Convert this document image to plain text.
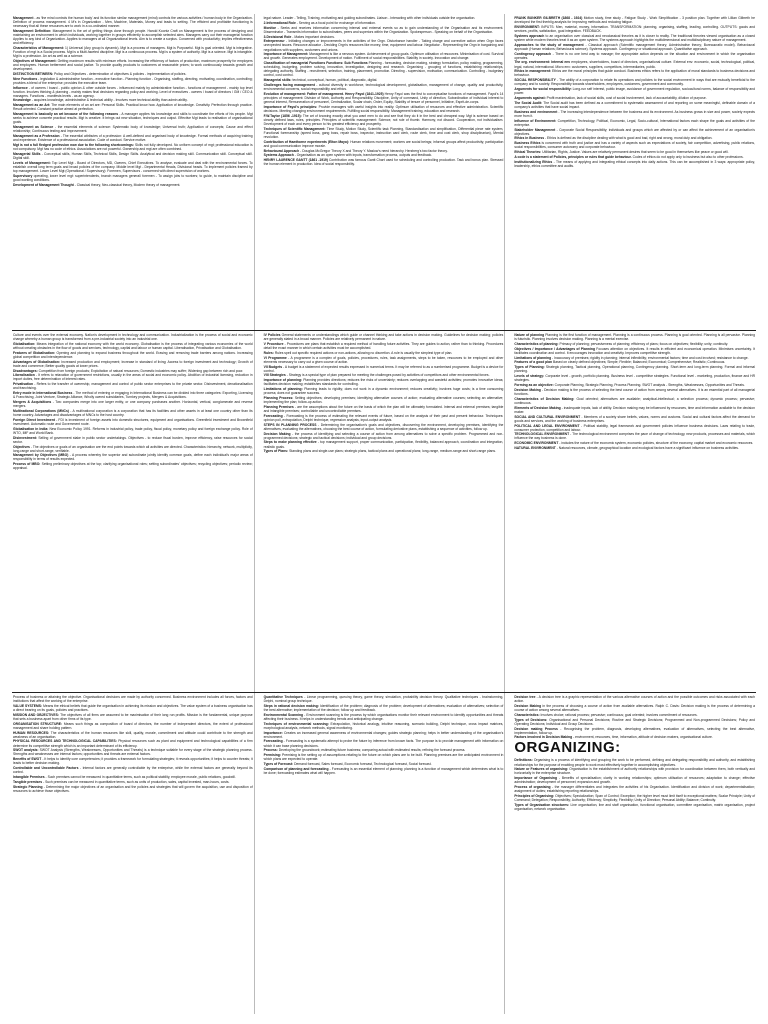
Management - as 'the mind controls the human body' and its function similar management (mind) controls the various activities / human body in the Organization. Definition of process management. 4 M's in Organization - Men, Machine, Materials, Money and leads to setting. The efficient and profitable functioning is necessary that all these resources are to work in a co-ordinated manner.

Management Definition: Management is the art of getting things done through people. Harold Koontz Craft on Management is the process of designing and maintaining an environment in which individuals, working together in groups efficiently to accomplish selected aims. Managers carry out their managerial function Applies to any kind of Organization. Applies to managers at all Organizational levels. Aim is to create a surplus. Concerned with productivity; implies effectiveness and efficiency.

Characteristics of Management: 1) Universal (Any group is dynamic). Mgt is a process of managers. Mgt is Purposeful. Mgt is goal oriented. Mgt is integrative. Function of mgt is a Social process. Mgt is a Multi-faceted discipline. Mgt is a continuous process. Mgt is a system of authority. Mgt is a science. Mgt is intangible. Mgt is a profession. An art as well as a science.

Objectives of Management: Getting maximum results with minimum efforts. Increasing the efficiency of factors of production, maximum prosperity for employers and employees. Human betterment and social justice. To provide quality products to customers at reasonable prices; to work continuously towards growth and development.

DISTINCTION BETWEEN: Policy and Objectives - determination of objectives & policies - implementation of policies.

Nine Functions - legislation & administrative function - executive function - Planning function - Organising, staffing, directing, motivating, coordination, controlling; provides a blend of the enterprise; provides the executive team.

Influence - of owners / board - public opinion & other outside forces - influenced mainly by administrative function - functions of management - mainly top level function. Involves thinking & planning - mainly makes final decisions regarding policy and working. Level of executives - owners / board of directors / GM / CEO & managers. Functions - manifests levels - as an agency.

Knowledge - acquires knowledge, administrative & technical ability - Involves more technical ability than admin ability.

Management as an Art: The main elements of an art are: Personal Skills. Practical know how. Application of knowledge. Creativity. Perfection through practice. Result oriented. Constant practice aimed at perfection.

Management is basically an art because of the following reasons - A manager applies his knowledge and skills to coordinate the efforts of his people. Mgt seeks to achieve concrete practical results. Mgt is creative. It brings out new situation, techniques and output. Effective Mgt leads to realisation of organisational goals.

Management as Science - the essential elements of science: Systematic body of knowledge; Universal truth; Application of concepts; Cause and effect relationship; Continuous testing and improvement.

Management as a Profession - The essential attributes of a profession: A well-defined and organised body of knowledge. Formal methods of acquiring training and experience. Existence of a professional association. Code of conduct. Service motive.

Mgt is not a full fledged profession now due to the following shortcomings: Skills not fully developed. No uniform concept of mgt; professional education is not compulsory. Mgt has no code of ethics. Associations are not powerful. Ownership and mgt are often combined.

Managerial Skills - Conceptual skills, Human Skills, Technical Skills, Design Skills. Analytical and decision making skill. Communication skill. Conceptual skill. Digital skill.

Levels of Management: Top Level Mgt - Board of Directors, MD, Owners, Chief Executives. To analyse, evaluate and deal with the environmental forces. To establish overall long term goals and broad policies of the company. Middle level Mgt - Departmental Heads, Divisional heads. To implement policies framed by top management. Lower Level Mgt (Operational / Supervisory): Foremen, Supervisors - concerned with direct supervision of workers.

Supervisory operating, lower level mgt: superintendents, branch managers general/ foremen - To assign jobs to workers; to guide, to maintain discipline and good working conditions.

Development of Management Thought - Classical theory, Neo-classical theory, Modern theory of management.

legal nature. Leader - Telling, Training, motivating and guiding subordinates. Liaison - Interacting with other individuals outside the organisation.

2.Informational Role - Serving as a focal point for exchange of information.

Monitor - Seeks and receives information concerning internal and external events so as to gain understanding of the Organisation and its environment. Disseminator - Transmits information to subordinates, peers and superiors within the Organization. Spokesperson - Speaking on behalf of the Organisation.

3.Decisional Role - Makes important decisions.

Entrepreneur - Initiating changes or improvements in the activities of the Orgn. Disturbance handler - Taking charge and corrective action when Orgn faces unexpected issues. Resource allocator - Deciding Orgn's resources like money, time, equipment and labour. Negotiator - Representing the Orgn in bargaining and negotiations with suppliers, customers and unions.

Importance of Management: Management is like a nervous system. Achievement of group goals. Optimum utilisation of resources. Minimisation of cost. Survival and growth. Generates employment. Development of nation. Fulfilment of social responsibilities. Stability in society. Innovation and change.

Classification of managerial Functions Functions: Sub Functions Planning - forecasting, decision making, strategy formulation, policy making, programming, scheduling, budgeting, problem solving, innovation, investigation, designing and research. Organising - grouping of functions, establishing relationships, delegating authority. Staffing - recruitment, selection, training, placement, promotion. Directing - supervision, motivation, communication. Controlling - budgetary control, cost control.

Managerial skills: technical, conceptual, human, political, diagnostic, digital.

Challenges facing management - cultural diversity in workforce, technological development, globalisation, management of change, quality and productivity, environmental concerns, social responsibility and ethics.

Evolution of management: Father of management. Henry Fayol (1841-1925) Henry Fayol was the first to conceptualise functions of management. Fayol's 14 principles of management: Division of Work, Authority and Responsibility, Discipline, Unity of command, Unity of direction, Subordination of individual interest to general interest, Remuneration of personnel, Centralization, Scalar chain, Order, Equity, Stability of tenure of personnel, Initiative, Esprit-de-corps.

Importance of Fayol's principles: Provide managers with useful insights into reality. Optimum utilisation of resources and effective administration. Scientific decisions. Meeting changing environment requirements. Fulfilling social responsibility. Management training, education and research.

F.W.Taylor (1856 -1915): The art of knowing exactly what you want men to do and see that they do it in the best and cheapest way. Mgt is science based on clearly defined laws, rules, principles. Principles of scientific management: Science, not rule of thumb. Harmony, not discord. Cooperation, not individualism. Development of each and every person to his greatest efficiency and prosperity.

Techniques of Scientific Management: Time Study, Motion Study, Scientific task Planning, Standardisation and simplification, Differential piece rate system, Functional foremanship (speed boss, gang boss, repair boss, inspector, instruction card clerk, route clerk, time and cost clerk, shop disciplinarian), Mental revolution.

Contribution of Hawthorne experiments (Elton Mayo): Human relations movement; workers are social beings; informal groups affect productivity; participation and good communication improve morale.

Behavioural Approach - Douglas McGregor Theory X and Theory Y. Maslow's need hierarchy. Herzberg's two factor theory.

Systems Approach - Organisation as an open system with inputs, transformation process, outputs and feedback.

HENRY LAURENCE GANTT (1861 -1919) Contribution was famous Gantt Chart used for scheduling and controlling production. Task and bonus plan. Stressed the human element in production. Idea of social responsibility.

FRANK BUNKER GILBRETH (1868 - 1924) Motion study, time study - Fatigue Study - Work Simplification - 3 position plan. Together with Lillian Gilbreth he developed the first therblig analysis for improving methods and reducing fatigue.

ENVIRONMENT: INPUTS: Men, material, money, information. TRANSFORMATION: planning, organising, staffing, leading, controlling. OUTPUTS: goods and services, profits, satisfaction, goal integration. FEEDBACK.

Systems approach to an organisation over classical and neoclassical theories as it is closer to reality. The traditional theories viewed organisation as a closed system while modern theories treat it as an open system. The systems approach highlights the multidimensional and multidisciplinary nature of management.

Approaches to the study of management - Classical approach (Scientific management theory; Administrative theory; Bureaucratic model). Behavioural approach (Human relations; Behavioural science). Systems approach. Contingency or situational approach. Quantitative approach.

Contingency approach - There is no one best way to manage; the appropriate action depends on the situation and environment in which the organisation operates.

The org. environment: Internal env employees, shareholders, board of directors, organisational culture. External env: economic, social, technological, political, legal, natural, international. Micro env: customers, suppliers, competitors, intermediaries, public.

Ethics in management: Ethics are the moral principles that guide conduct. Business ethics refers to the application of moral standards to business decisions and behaviour.

SOCIAL RESPONSIBILITY - The ability of a corporation to relate its operations and policies to the social environment in ways that are mutually beneficial to the company and to society. Responsibility towards shareholders, employees, customers, government and community.

Arguments for social responsibility: Long-run self interest, public image, avoidance of government regulation, sociocultural norms, balance of responsibility and power.

Arguments against: Profit maximisation, lack of social skills, cost of social involvement, lack of accountability, dilution of purpose.

The Social Audit: The Social audit has been defined as a commitment to systematic assessment of and reporting on some meaningful, definable domain of a company's activities that have social impact.

Business and environment - The increasing interdependence between the business and its environment. As business grows in size and power, society expects more from it.

Influence of Environment: Competition, Technology, Political, Economic, Legal, Socio-cultural, International factors each shape the goals and activities of the enterprise.

Stakeholder Management - Corporate Social Responsibility; individuals and groups which are affected by or can affect the achievement of an organisation's objectives.

Ethics in Business - Ethics is defined as the discipline dealing with what is good and bad, right and wrong, moral duty and obligation.

Business Ethics is concerned with truth and justice and has a variety of aspects such as expectations of society, fair competition, advertising, public relations, social responsibilities, consumer autonomy and corporate behaviour.

Ethical Theories: Utilitarian, Rights, Justice. Values are relatively permanent desires that seem to be good in themselves like peace or good will.

A code is a statement of Policies, principles or rules that guide behaviour. Codes of ethics do not apply only to business but also to other professions.

Institutionalizing Ethics - The means of applying and integrating ethical concepts into daily actions. This can be accomplished in 3 ways: appropriate policy, leadership, ethics committee and audits.

Culture and events over the external economy. Nation's development in technology and communication. Industrialization is the process of social and economic change whereby a human group is transformed from a pre-industrial society into an industrial one.

Globalisation: Means integration of the national economy with the world economy. Globalisation is the process of integrating various economies of the world without creating obstacles in the flow of goods and services, technology, capital and labour or human capital. Liberalisation, Privatisation and Globalisation.

Features of Globalisation: Opening and planning to expand business throughout the world. Erasing and removing trade barriers among nations. Increasing global competition and interdependence.

Advantages of Globalisation: Increased production and employment; Increase in standard of living; Access to foreign investment and technology; Growth of trade and commerce; Better quality goods at lower prices.

Disadvantages: Competition from foreign products; Exploitation of natural resources; Domestic industries may suffer; Widening gap between rich and poor.

Liberalisation - It refers to relaxation of government restrictions, usually in the areas of social and economic policy. Abolition of industrial licensing, reduction in import duties, free determination of interest rates.

Privatisation - Refers to the transfer of ownership, management and control of public sector enterprises to the private sector. Disinvestment, denationalisation and franchising.

Entry mode in International Business - The method of entering or engaging in International Business can be divided into three categories: Exporting, Licensing & Franchising, Joint Venture, Strategic Alliance, Wholly owned subsidiaries, Turnkey projects, Mergers & Acquisitions.

Mergers & Acquisitions - Two companies merge into one larger entity, or one company purchases another. Horizontal, vertical, conglomerate and reverse mergers.

Multinational Corporations (MNCs) - A multinational corporation is a corporation that has its facilities and other assets in at least one country other than its home country. Advantages and disadvantages of MNCs to the host country.

Foreign Direct Investment - FDI is investment of foreign assets into domestic structures, equipment and organisations. Greenfield investment and Brownfield investment. Automatic route and Government route.

Globalisation in India: New Economic Policy 1991. Reforms in industrial policy, trade policy, fiscal policy, monetary policy and foreign exchange policy. Role of WTO, IMF and World Bank.

Disinvestment: Selling of government stake in public sector undertakings. Objectives - to reduce fiscal burden, improve efficiency, raise resources for social sector.

Objectives - The objectives or goals of an organisation are the end points towards which all activities are directed. Characteristics: hierarchy, network, multiplicity, long-range and short-range, verifiable.

Management by Objectives (MBO) - A process whereby the superior and subordinate jointly identify common goals, define each individual's major areas of responsibility in terms of results expected.

Process of MBO: Setting preliminary objectives at the top; clarifying organisational roles; setting subordinates' objectives; recycling objectives; periodic review; appraisal.

IV Policies General statements or understandings which guide or channel thinking and take actions in decision making. Guidelines for decision making; policies are generally stated in a broad manner. Policies are relatively permanent in nature.

V Procedure - Procedures are plans that establish a required method of handling future activities. They are guides to action, rather than to thinking. Procedures detail the exact manner in which certain activities must be accomplished.

Rules: Rules spell out specific required actions or non-actions, allowing no discretion. A rule is usually the simplest type of plan.

VI Programme - A programme is a complex of goals, policies, procedures, rules, task assignments, steps to be taken, resources to be employed and other elements necessary to carry out a given course of action.

VII Budgets - A budget is a statement of expected results expressed in numerical terms. It may be referred to as a numberised programme. Budget is a device for control.

VIII Strategies - Strategy is a special type of plan prepared for meeting the challenges posed by activities of competitors and other environmental forces.

Importance of planning: Planning provides directions; reduces the risks of uncertainty; reduces overlapping and wasteful activities; promotes innovative ideas; facilitates decision making; establishes standards for controlling.

Limitations of planning: Planning leads to rigidity; does not work in a dynamic environment; reduces creativity; involves huge costs; is a time consuming process; does not guarantee success.

Planning Process: Setting objectives; developing premises; identifying alternative courses of action; evaluating alternative courses; selecting an alternative; implementing the plan; follow-up action.

Planning Premises - are the assumptions about the future on the basis of which the plan will be ultimately formulated. Internal and external premises; tangible and intangible premises; controllable and uncontrollable premises.

Forecasting - Forecasting is the process of estimating the relevant events of future, based on the analysis of their past and present behaviour. Techniques: opinion poll, extrapolation, Delphi technique, regression analysis, input-output analysis.

STEPS IN PLANNING PROCESS - Determining the organisation's goals and objectives, discovering the environment, developing premises, identifying the alternatives, evaluating the alternatives, choosing the best course of action, formulating derivative plans, establishing a sequence of activities, follow up.

Decision Making - the process of identifying and selecting a course of action from among alternatives to solve a specific problem. Programmed and non-programmed decisions; strategic and tactical decisions; individual and group decisions.

Steps to make planning effective - top management support, proper communication, participation, flexibility, balanced approach, coordination and integration, realistic goals.

Types of Plans: Standing plans and single-use plans; strategic plans, tactical plans and operational plans; long-range, medium-range and short-range plans.

Nature of planning Planning is the first function of management. Planning is a continuous process. Planning is goal oriented. Planning is all pervasive. Planning is futuristic. Planning involves decision making. Planning is a mental exercise.

Characteristics of planning: Primacy of planning; pervasiveness of planning; efficiency of plans; focus on objectives; flexibility; unity; continuity.

Objectives / Importance / Advantages of Planning Focuses attention on objectives. It results in efficient and economical operation. Minimises uncertainty. It facilitates coordination and control. It encourages innovation and creativity. Improves competitive strength.

Limitations of planning - Inaccuracy of premises; rigidity in planning; internal inflexibility; environmental factors; time and cost involved; resistance to change.

Features of a good plan Based on clearly defined objectives; Simple; Flexible; Balanced; Economical; Comprehensive; Realistic; Continuous.

Types of Planning: Strategic planning, Tactical planning, Operational planning, Contingency planning. Short-term and long-term planning. Formal and informal planning.

Levels of strategy: Corporate level - growth, portfolio planning. Business level - competitive strategies. Functional level - marketing, production, finance and HR strategies.

Forming as an objective: Corporate Planning, Strategic Planning, Process Planning. SWOT analysis - Strengths, Weaknesses, Opportunities and Threats.

Decision Making - Decision making is the process of selecting the best course of action from among several alternatives. It is an essential part of all managerial functions.

Characteristics of Decision Making: Goal oriented; alternatives are available; analytical-intellectual; a selection process; dynamic process; pervasive; continuous.

Elements of Decision Making - inadequate inputs, lack of ability. Decision making may be influenced by resources, time and information available to the decision maker.

SOCIAL AND CULTURAL ENVIRONMENT - Members of a society share beliefs, values, norms and customs. Social and cultural factors affect the demand for goods and services, and the working of business enterprises.

POLITICAL AND LEGAL ENVIRONMENT - Political stability, legal framework and government policies influence business decisions. Laws relating to trade, consumer protection, competition and labour.

TECHNOLOGICAL ENVIRONMENT - The technological environment comprises the pace of change of technology, new products, processes and materials, which influence the way business is done.

ECONOMIC ENVIRONMENT - includes the nature of the economic system, economic policies, structure of the economy, capital market and economic resources.

NATURAL ENVIRONMENT - Natural resources, climate, geographical location and ecological factors have a significant influence on business activities.

Process of business or attaining the objective. Organisational decisions are made by authority concerned. Business environment includes all forces, factors and institutions that affect the working of the enterprise.

VALUE SYSTEMS: Means the ethical beliefs that guide the organisation in achieving its mission and objectives. The value system of a business organisation has a direct bearing on its goals, policies and practices.

MISSION AND OBJECTIVES: The objectives of all firms are assumed to be maximisation of their long run profits. Mission is the fundamental, unique purpose that sets a business apart from other firms of its type.

ORGANISATION STRUCTURE: Means such things as composition of board of directors, the number of independent directors, the extent of professional management and share holding pattern.

HUMAN RESOURCES: The characteristics of the human resources like skill, quality, morale, commitment and attitude could contribute to the strength and weakness of an organisation.

PHYSICAL RESOURCES AND TECHNOLOGICAL CAPABILITIES: Physical resources such as plant and equipment and technological capabilities of a firm determine its competitive strength which is an important determinant of its efficiency.

SWOT analysis: SWOT Analysis (Strengths, Weaknesses, Opportunities and Threats) is a technique suitable for every stage of the strategic planning process. Strengths and weaknesses are internal factors; opportunities and threats are external factors.

Benefits of SWOT - It helps to identify core competencies; it provides a framework for formulating strategies; it reveals opportunities; it helps to counter threats; it leads to better decision making.

Controllable and Uncontrollable Factors - Internal factors are generally controllable by the enterprise, while the external factors are generally beyond its control.

Intangible Premises - Such premises cannot be measured in quantitative terms, such as political stability, employee morale, public relations, goodwill.

Tangible premises - Such premises can be measured in quantitative terms, such as units of production, sales, capital invested, man-hours, costs.

Strategic Planning - Determining the major objectives of an organisation and the policies and strategies that will govern the acquisition, use and disposition of resources to achieve those objectives.

Quantitative Techniques - Linear programming, queuing theory, game theory, simulation, probability decision theory. Qualitative techniques - brainstorming, Delphi, nominal group technique.

Steps in rational decision making: Identification of the problem; diagnosis of the problem; development of alternatives; evaluation of alternatives; selection of the best alternative; implementation of the decision; follow up and feedback.

Environmental Scanning - Environment scanning is the process by which organisations monitor their relevant environment to identify opportunities and threats affecting their business. It helps in understanding trends and anticipating change.

Techniques of environmental scanning: Extrapolation, historical analogy, intuitive reasoning, scenario building, Delphi technique, cross impact matrices, morphological analysis, network methods, signal monitoring.

Importance: Creates an increased general awareness of environmental changes; guides strategic planning; helps in better understanding of the organisation's environment.

Forecasting - Forecasting is a systematic attempt to probe the future by inference from known facts. The purpose is to provide management with information on which it can base planning decisions.

Process: Developing the groundwork; estimating future business; comparing actual with estimated results; refining the forecast process.

Premising: Premising is the setting up of assumptions relating to the future on which plans are to be built. Planning premises are the anticipated environment in which plans are expected to operate.

Types of Forecast: Demand forecast, Sales forecast, Economic forecast, Technological forecast, Social forecast.

Comparison of planning and forecasting - Forecasting is an essential element of planning; planning is a function of management which determines what is to be done; forecasting estimates what will happen.

Decision tree - A decision tree is a graphic representation of the various alternative courses of action and the possible outcomes and risks associated with each action.

Decision Making in the process of choosing a course of action from available alternatives. Ralph C. Davis: Decision making is the process of determining a course of action among several alternatives.

Characteristics: Involves choice; rational process; pervasive; continuous; goal oriented; involves commitment of resources.

Types of Decisions: Organisational and Personal Decisions; Routine and Strategic Decisions; Programmed and Non-programmed Decisions; Policy and Operating Decisions; Individual and Group Decisions.

Decision making Process - Recognising the problem, diagnosis, developing alternatives, evaluation of alternatives, selecting the best alternative, implementation, follow up.

Factors involved in Decision Making - environment, resources, time, information, attitude of decision makers, organisational culture.

ORGANIZING:

Definitions: Organising is a process of identifying and grouping the work to be performed, defining and delegating responsibility and authority, and establishing relationships for the purpose of enabling people to work most effectively together in accomplishing objectives.

Nature or Features of organising: Organisation is the establishment of authority relationships with provision for coordination between them, both vertically and horizontally in the enterprise structure.

Importance of Organising - Benefits of specialisation; clarity in working relationships; optimum utilisation of resources; adaptation to change; effective administration; development of personnel; expansion and growth.

Process of organising - the manager differentiates and integrates the activities of his Organisation. Identification and division of work; departmentalisation; assignment of duties; establishing reporting relationships.

Principles of Organising: Objectives; Specialization; Span of Control; Exception; the higher level must limit itself to exceptional matters; Scalar Principle; Unity of Command; Delegation; Responsibility; Authority; Efficiency; Simplicity; Flexibility; Unity of Direction; Personal Ability; Balance; Continuity.

Types of Organisation structures: Line organisation, line and staff organisation, functional organisation, committee organisation, matrix organisation, project organisation, network organisation.
